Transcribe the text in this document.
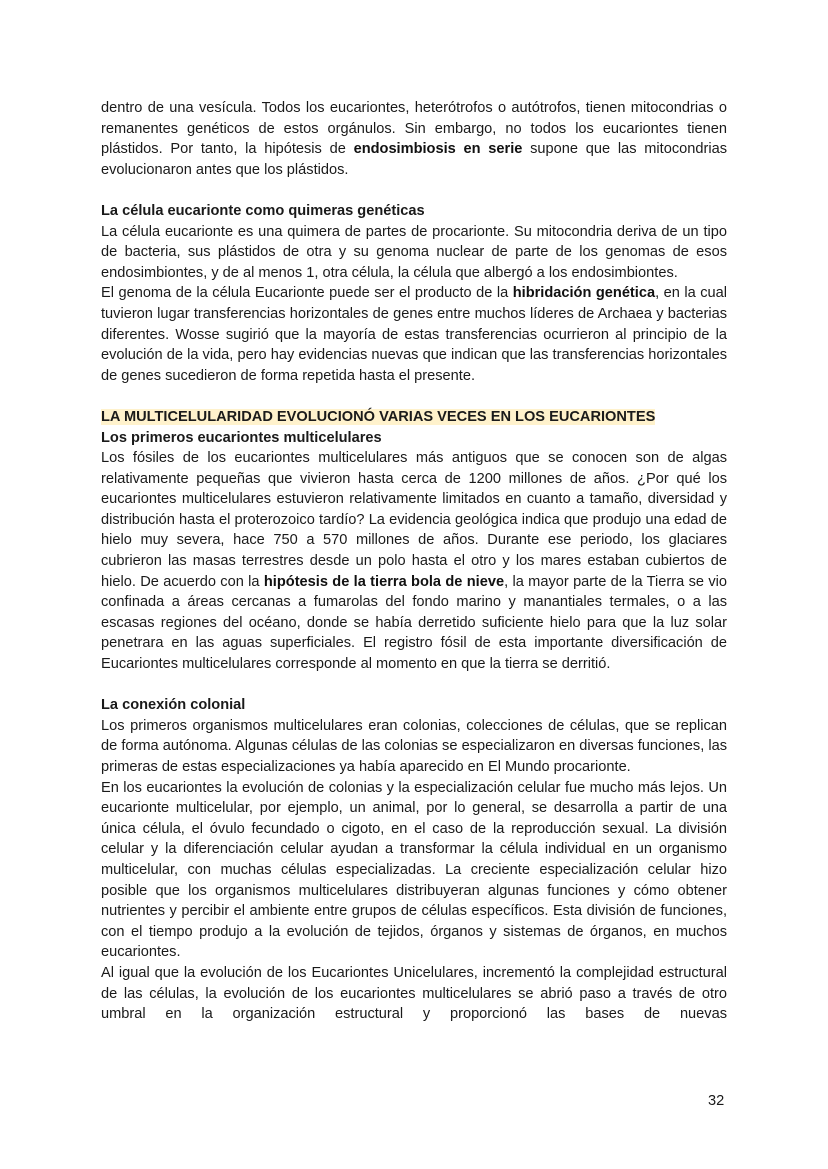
dentro de una vesícula. Todos los eucariontes, heterótrofos o autótrofos, tienen mitocondrias o remanentes genéticos de estos orgánulos. Sin embargo, no todos los eucariontes tienen plástidos. Por tanto, la hipótesis de endosimbiosis en serie supone que las mitocondrias evolucionaron antes que los plástidos.

La célula eucarionte como quimeras genéticas

La célula eucarionte es una quimera de partes de procarionte. Su mitocondria deriva de un tipo de bacteria, sus plástidos de otra y su genoma nuclear de parte de los genomas de esos endosimbiontes, y de al menos 1, otra célula, la célula que albergó a los endosimbiontes.

El genoma de la célula Eucarionte puede ser el producto de la hibridación genética, en la cual tuvieron lugar transferencias horizontales de genes entre muchos líderes de Archaea y bacterias diferentes. Wosse sugirió que la mayoría de estas transferencias ocurrieron al principio de la evolución de la vida, pero hay evidencias nuevas que indican que las transferencias horizontales de genes sucedieron de forma repetida hasta el presente.

LA MULTICELULARIDAD EVOLUCIONÓ VARIAS VECES EN LOS EUCARIONTES

Los primeros eucariontes multicelulares

Los fósiles de los eucariontes multicelulares más antiguos que se conocen son de algas relativamente pequeñas que vivieron hasta cerca de 1200 millones de años. ¿Por qué los eucariontes multicelulares estuvieron relativamente limitados en cuanto a tamaño, diversidad y distribución hasta el proterozoico tardío? La evidencia geológica indica que produjo una edad de hielo muy severa, hace 750 a 570 millones de años. Durante ese periodo, los glaciares cubrieron las masas terrestres desde un polo hasta el otro y los mares estaban cubiertos de hielo. De acuerdo con la hipótesis de la tierra bola de nieve, la mayor parte de la Tierra se vio confinada a áreas cercanas a fumarolas del fondo marino y manantiales termales, o a las escasas regiones del océano, donde se había derretido suficiente hielo para que la luz solar penetrara en las aguas superficiales. El registro fósil de esta importante diversificación de Eucariontes multicelulares corresponde al momento en que la tierra se derritió.

La conexión colonial

Los primeros organismos multicelulares eran colonias, colecciones de células, que se replican de forma autónoma. Algunas células de las colonias se especializaron en diversas funciones, las primeras de estas especializaciones ya había aparecido en El Mundo procarionte.

En los eucariontes la evolución de colonias y la especialización celular fue mucho más lejos. Un eucarionte multicelular, por ejemplo, un animal, por lo general, se desarrolla a partir de una única célula, el óvulo fecundado o cigoto, en el caso de la reproducción sexual. La división celular y la diferenciación celular ayudan a transformar la célula individual en un organismo multicelular, con muchas células especializadas. La creciente especialización celular hizo posible que los organismos multicelulares distribuyeran algunas funciones y cómo obtener nutrientes y percibir el ambiente entre grupos de células específicos. Esta división de funciones, con el tiempo produjo a la evolución de tejidos, órganos y sistemas de órganos, en muchos eucariontes.

Al igual que la evolución de los Eucariontes Unicelulares, incrementó la complejidad estructural de las células, la evolución de los eucariontes multicelulares se abrió paso a través de otro umbral en la organización estructural y proporcionó las bases de nuevas

32
